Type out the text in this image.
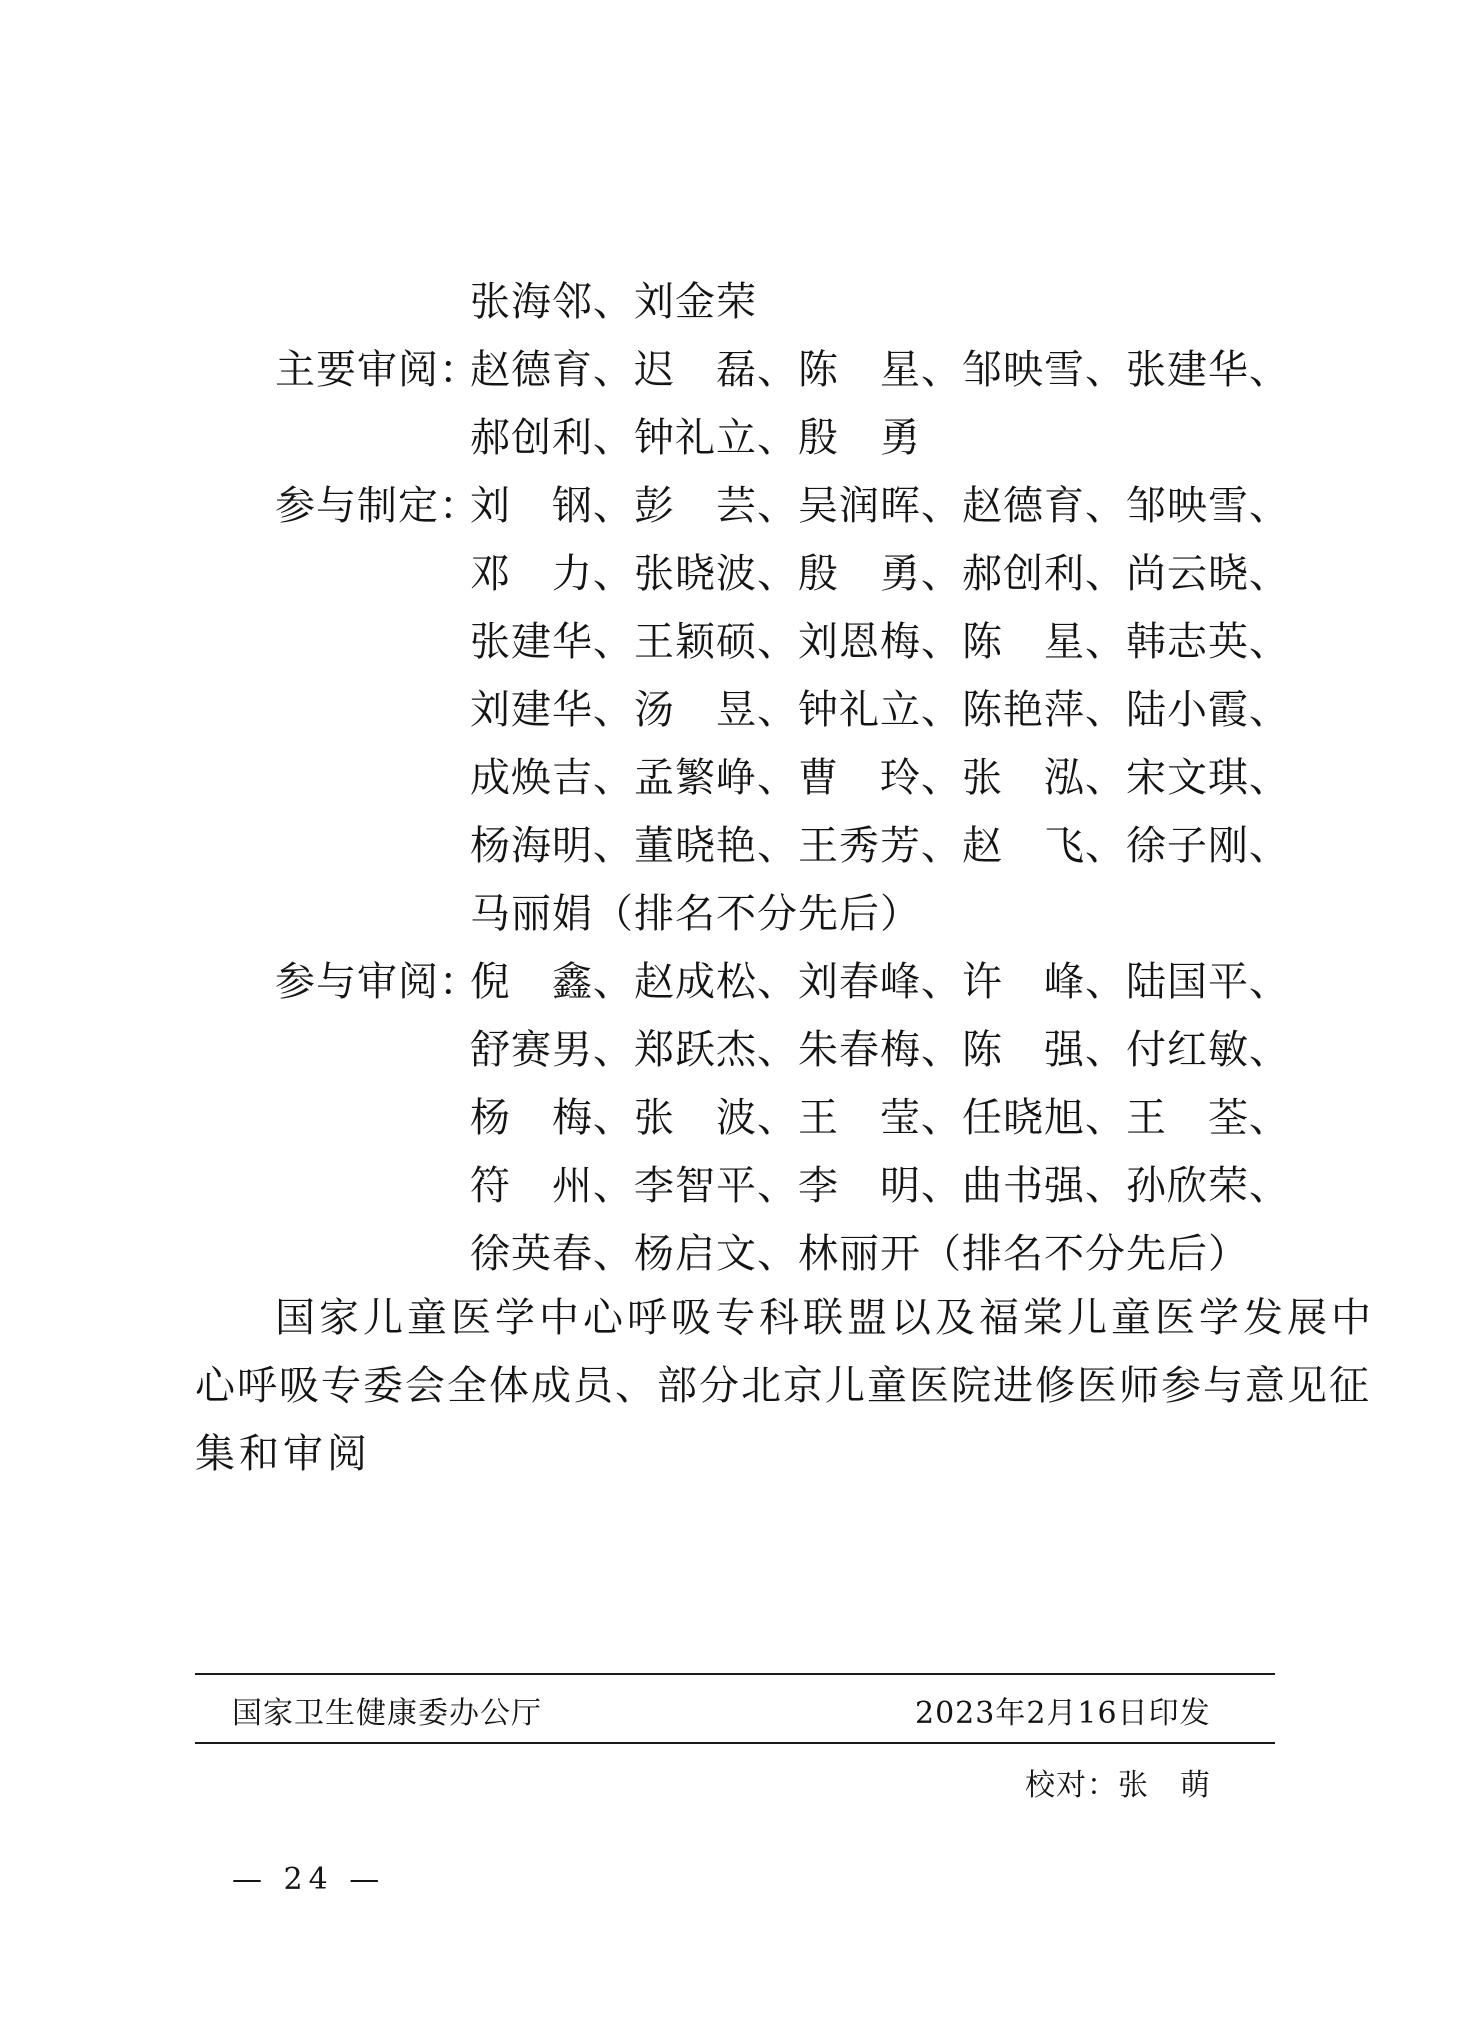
张海邻、刘金荣
主要审阅：
赵德育、迟　磊、陈　星、邹映雪、张建华、
郝创利、钟礼立、殷　勇
参与制定：
刘　钢、彭　芸、吴润晖、赵德育、邹映雪、
邓　力、张晓波、殷　勇、郝创利、尚云晓、
张建华、王颖硕、刘恩梅、陈　星、韩志英、
刘建华、汤　昱、钟礼立、陈艳萍、陆小霞、
成焕吉、孟繁峥、曹　玲、张　泓、宋文琪、
杨海明、董晓艳、王秀芳、赵　飞、徐子刚、
马丽娟（排名不分先后）
参与审阅：
倪　鑫、赵成松、刘春峰、许　峰、陆国平、
舒赛男、郑跃杰、朱春梅、陈　强、付红敏、
杨　梅、张　波、王　莹、任晓旭、王　荃、
符　州、李智平、李　明、曲书强、孙欣荣、
徐英春、杨启文、林丽开（排名不分先后）
国家儿童医学中心呼吸专科联盟以及福棠儿童医学发展中
心呼吸专委会全体成员、部分北京儿童医院进修医师参与意见征
集和审阅
国家卫生健康委办公厅	2023年2月16日印发
校对：张　萌
— 24 —
